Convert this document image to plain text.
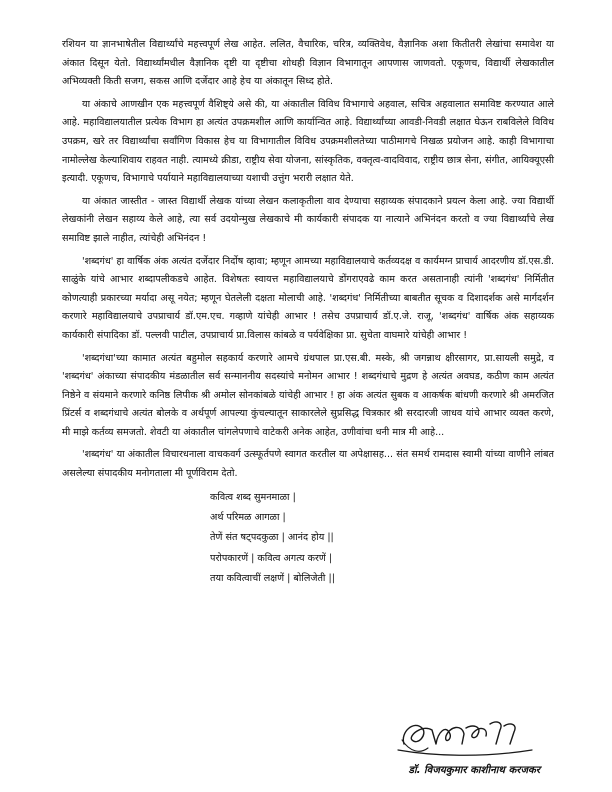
रशियन या ज्ञानभाषेतील विद्यार्थ्यांचे महत्त्वपूर्ण लेख आहेत. ललित, वैचारिक, चरित्र, व्यक्तिवेध, वैज्ञानिक अशा कितीतरी लेखांचा समावेश या अंकात दिसून येतो. विद्यार्थ्यांमधील वैज्ञानिक दृष्टी या दृष्टीचा शोधही विज्ञान विभागातून आपणास जाणवतो. एकूणच, विद्यार्थी लेखकातील अभिव्यक्ती किती सजग, सकस आणि दर्जेदार आहे हेच या अंकातून सिध्द होते.

या अंकाचे आणखीन एक महत्त्वपूर्ण वैशिष्ट्ये असे की, या अंकातील विविध विभागाचे अहवाल, सचित्र अहवालात समाविष्ट करण्यात आले आहे. महाविद्यालयातील प्रत्येक विभाग हा अत्यंत उपक्रमशील आणि कार्यान्वित आहे. विद्यार्थ्यांच्या आवडी-निवडी लक्षात घेऊन राबविलेले विविध उपक्रम, खरे तर विद्यार्थ्यांचा सर्वांगिण विकास हेच या विभागातील विविध उपक्रमशीलतेच्या पाठीमागचे निखळ प्रयोजन आहे. काही विभागाचा नामोल्लेख केल्याशिवाय राहवत नाही. त्यामध्ये क्रीडा, राष्ट्रीय सेवा योजना, सांस्कृतिक, वक्तृत्व-वादविवाद, राष्ट्रीय छात्र सेना, संगीत, आयिक्यूएसी इत्यादी. एकूणच, विभागाचे पर्यायाने महाविद्यालयाच्या यशाची उत्तुंग भरारी लक्षात येते.

या अंकात जास्तीत - जास्त विद्यार्थी लेखक यांच्या लेखन कलाकृतीला वाव देण्याचा सहाय्यक संपादकाने प्रयत्न केला आहे. ज्या विद्यार्थी लेखकांनी लेखन सहाय्य केले आहे, त्या सर्व उदयोन्मुख लेखकाचे मी कार्यकारी संपादक या नात्याने अभिनंदन करतो व ज्या विद्यार्थ्यांचे लेख समाविष्ट झाले नाहीत, त्यांचेही अभिनंदन !

'शब्दगंध' हा वार्षिक अंक अत्यंत दर्जेदार निर्दोष व्हावा; म्हणून आमच्या महाविद्यालयाचे कर्तव्यदक्ष व कार्यमग्न प्राचार्य आदरणीय डॉ.एस.डी. साळुंके यांचे आभार शब्दापलीकडचे आहेत. विशेषतः स्वायत्त महाविद्यालयाचे डोंगराएवढे काम करत असतानाही त्यांनी 'शब्दगंध' निर्मितीत कोणत्याही प्रकारच्या मर्यादा असू नयेत; म्हणून घेतलेली दक्षता मोलाची आहे. 'शब्दगंध' निर्मितीच्या बाबतीत सूचक व दिशादर्शक असे मार्गदर्शन करणारे महाविद्यालयाचे उपप्राचार्य डॉ.एम.एच. गव्हाणे यांचेही आभार ! तसेच उपप्राचार्य डॉ.ए.जे. राजू, 'शब्दगंध' वार्षिक अंक सहाय्यक कार्यकारी संपादिका डॉ. पल्लवी पाटील, उपप्राचार्य प्रा.विलास कांबळे व पर्यवेक्षिका प्रा. सुचेता वाघमारे यांचेही आभार !

'शब्दगंधा'च्या कामात अत्यंत बहुमोल सहकार्य करणारे आमचे ग्रंथपाल प्रा.एस.बी. मस्के, श्री जगन्नाथ क्षीरसागर, प्रा.सायली समुद्रे, व 'शब्दगंध' अंकाच्या संपादकीय मंडळातील सर्व सन्माननीय सदस्यांचे मनोमन आभार ! शब्दगंधाचे मुद्रण हे अत्यंत अवघड, कठीण काम अत्यंत निष्ठेने व संयमाने करणारे कनिष्ठ लिपीक श्री अमोल सोनकांबळे यांचेही आभार ! हा अंक अत्यंत सुबक व आकर्षक बांधणी करणारे श्री अमरजित प्रिंटर्स व शब्दगंधाचे अत्यंत बोलके व अर्थपूर्ण आपल्या कुंचल्यातून साकारलेले सुप्रसिद्ध चित्रकार श्री सरदारजी जाधव यांचे आभार व्यक्त करणे, मी माझे कर्तव्य समजतो. शेवटी या अंकातील चांगलेपणाचे वाटेकरी अनेक आहेत, उणीवांचा धनी मात्र मी आहे...

'शब्दगंध' या अंकातील विचारधनाला वाचकवर्ग उत्स्फूर्तपणे स्वागत करतील या अपेक्षासह... संत समर्थ रामदास स्वामी यांच्या वाणीने लांबत असलेल्या संपादकीय मनोगताला मी पूर्णविराम देतो.

कवित्व शब्द सुमनमाळा |
अर्थ परिमळ आगळा |
तेणें संत षट्पदकुळा | आनंद होय ||
परोपकारणें | कवित्व अगत्य करणें |
तया कवित्वाचीं लक्षणें | बोलिजेती ||
डॉ. विजयकुमार काशीनाथ करजकर
